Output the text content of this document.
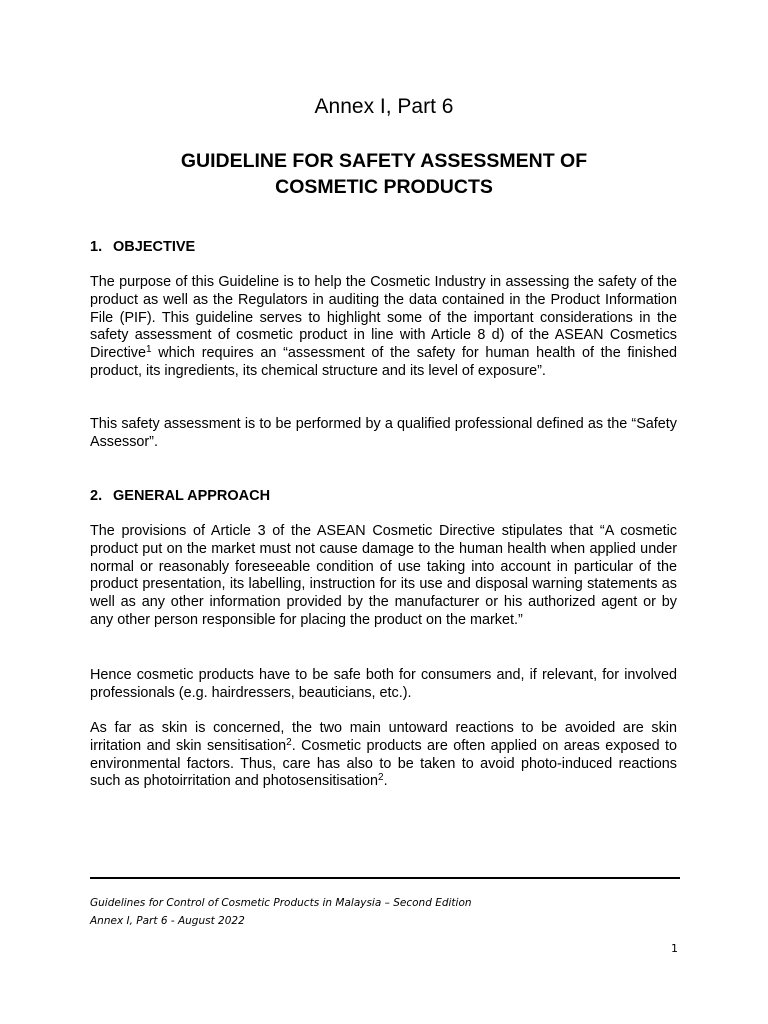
Annex I, Part 6
GUIDELINE FOR SAFETY ASSESSMENT OF
COSMETIC PRODUCTS
1. OBJECTIVE
The purpose of this Guideline is to help the Cosmetic Industry in assessing the safety of the product as well as the Regulators in auditing the data contained in the Product Information File (PIF). This guideline serves to highlight some of the important considerations in the safety assessment of cosmetic product in line with Article 8 d) of the ASEAN Cosmetics Directive$^1$ which requires an “assessment of the safety for human health of the finished product, its ingredients, its chemical structure and its level of exposure”.
This safety assessment is to be performed by a qualified professional defined as the “Safety Assessor”.
2. GENERAL APPROACH
The provisions of Article 3 of the ASEAN Cosmetic Directive stipulates that “A cosmetic product put on the market must not cause damage to the human health when applied under normal or reasonably foreseeable condition of use taking into account in particular of the product presentation, its labelling, instruction for its use and disposal warning statements as well as any other information provided by the manufacturer or his authorized agent or by any other person responsible for placing the product on the market.”
Hence cosmetic products have to be safe both for consumers and, if relevant, for involved professionals (e.g. hairdressers, beauticians, etc.).
As far as skin is concerned, the two main untoward reactions to be avoided are skin irritation and skin sensitisation$^2$. Cosmetic products are often applied on areas exposed to environmental factors. Thus, care has also to be taken to avoid photo-induced reactions such as photoirritation and photosensitisation$^2$.
Guidelines for Control of Cosmetic Products in Malaysia – Second Edition
Annex I, Part 6 - August 2022
1
